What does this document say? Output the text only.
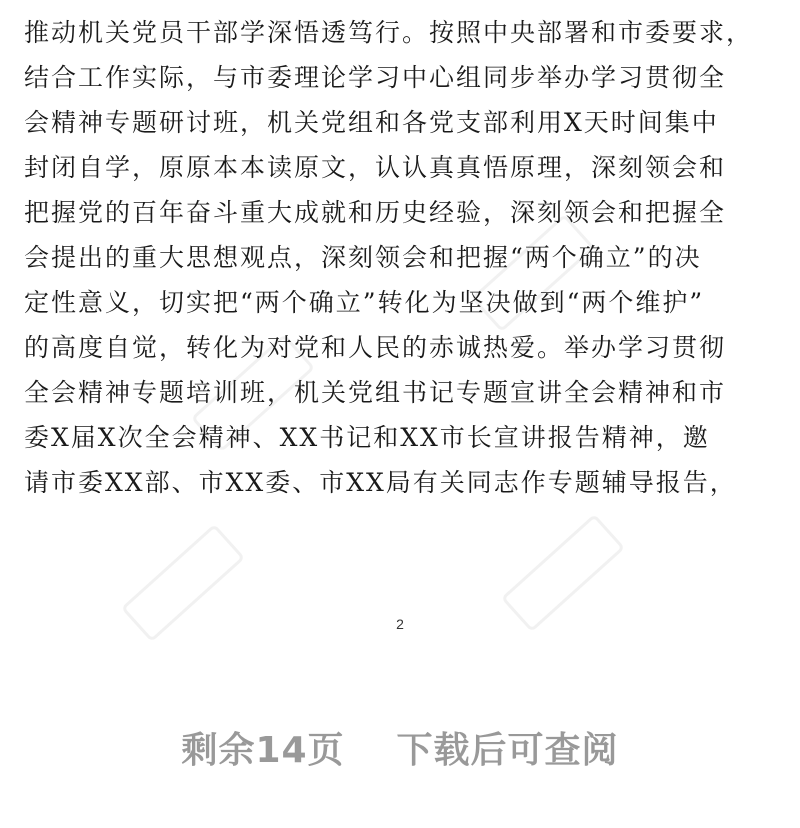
推动机关党员干部学深悟透笃行。按照中央部署和市委要求，
结合工作实际，与市委理论学习中心组同步举办学习贯彻全
会精神专题研讨班，机关党组和各党支部利用X天时间集中
封闭自学，原原本本读原文，认认真真悟原理，深刻领会和
把握党的百年奋斗重大成就和历史经验，深刻领会和把握全
会提出的重大思想观点，深刻领会和把握“两个确立”的决
定性意义，切实把“两个确立”转化为坚决做到“两个维护”
的高度自觉，转化为对党和人民的赤诚热爱。举办学习贯彻
全会精神专题培训班，机关党组书记专题宣讲全会精神和市
委X届X次全会精神、XX书记和XX市长宣讲报告精神，邀
请市委XX部、市XX委、市XX局有关同志作专题辅导报告，
2
剩余14页 下载后可查阅
